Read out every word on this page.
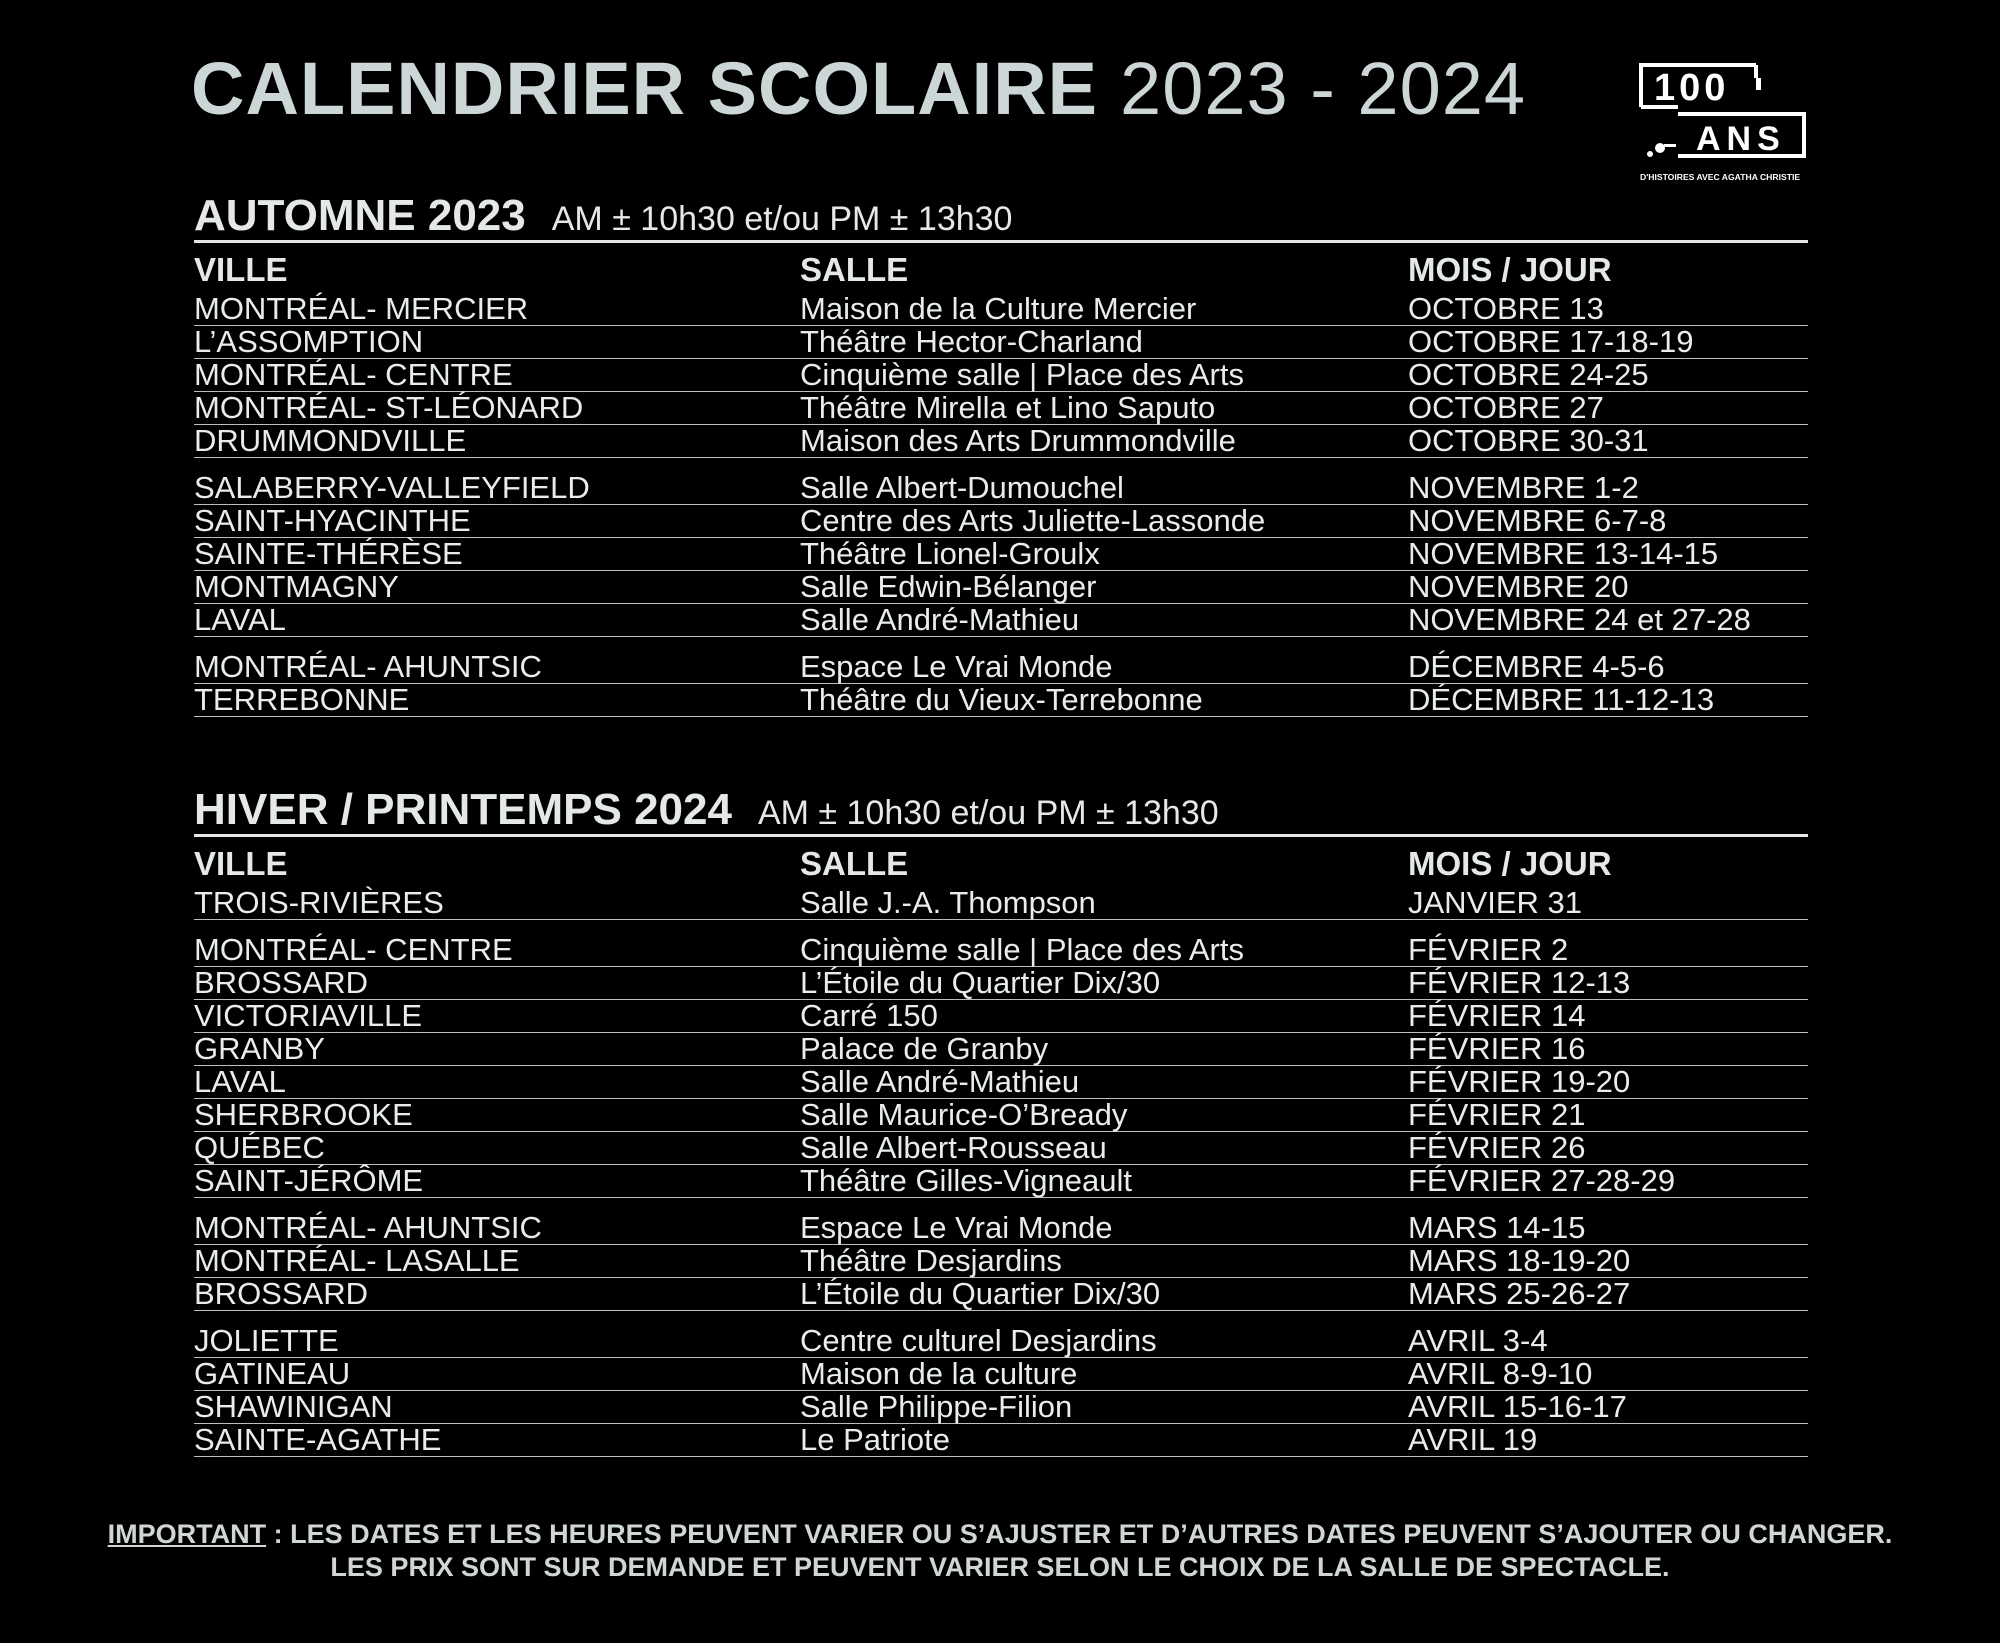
CALENDRIER SCOLAIRE 2023 - 2024	100
ANS
D'HISTOIRES AVEC AGATHA CHRISTIE
AUTOMNE 2023 AM ± 10h30 et/ou PM ± 13h30
VILLE	SALLE	MOIS / JOUR
MONTRÉAL- MERCIER	Maison de la Culture Mercier	OCTOBRE 13
L’ASSOMPTION	Théâtre Hector-Charland	OCTOBRE 17-18-19
MONTRÉAL- CENTRE	Cinquième salle | Place des Arts	OCTOBRE 24-25
MONTRÉAL- ST-LÉONARD	Théâtre Mirella et Lino Saputo	OCTOBRE 27
DRUMMONDVILLE	Maison des Arts Drummondville	OCTOBRE 30-31
SALABERRY-VALLEYFIELD	Salle Albert-Dumouchel	NOVEMBRE 1-2
SAINT-HYACINTHE	Centre des Arts Juliette-Lassonde	NOVEMBRE 6-7-8
SAINTE-THÉRÈSE	Théâtre Lionel-Groulx	NOVEMBRE 13-14-15
MONTMAGNY	Salle Edwin-Bélanger	NOVEMBRE 20
LAVAL	Salle André-Mathieu	NOVEMBRE 24 et 27-28
MONTRÉAL- AHUNTSIC	Espace Le Vrai Monde	DÉCEMBRE 4-5-6
TERREBONNE	Théâtre du Vieux-Terrebonne	DÉCEMBRE 11-12-13
HIVER / PRINTEMPS 2024 AM ± 10h30 et/ou PM ± 13h30
VILLE	SALLE	MOIS / JOUR
TROIS-RIVIÈRES	Salle J.-A. Thompson	JANVIER 31
MONTRÉAL- CENTRE	Cinquième salle | Place des Arts	FÉVRIER 2
BROSSARD	L’Étoile du Quartier Dix/30	FÉVRIER 12-13
VICTORIAVILLE	Carré 150	FÉVRIER 14
GRANBY	Palace de Granby	FÉVRIER 16
LAVAL	Salle André-Mathieu	FÉVRIER 19-20
SHERBROOKE	Salle Maurice-O’Bready	FÉVRIER 21
QUÉBEC	Salle Albert-Rousseau	FÉVRIER 26
SAINT-JÉRÔME	Théâtre Gilles-Vigneault	FÉVRIER 27-28-29
MONTRÉAL- AHUNTSIC	Espace Le Vrai Monde	MARS 14-15
MONTRÉAL- LASALLE	Théâtre Desjardins	MARS 18-19-20
BROSSARD	L’Étoile du Quartier Dix/30	MARS 25-26-27
JOLIETTE	Centre culturel Desjardins	AVRIL 3-4
GATINEAU	Maison de la culture	AVRIL 8-9-10
SHAWINIGAN	Salle Philippe-Filion	AVRIL 15-16-17
SAINTE-AGATHE	Le Patriote	AVRIL 19
IMPORTANT : LES DATES ET LES HEURES PEUVENT VARIER OU S’AJUSTER ET D’AUTRES DATES PEUVENT S’AJOUTER OU CHANGER.
LES PRIX SONT SUR DEMANDE ET PEUVENT VARIER SELON LE CHOIX DE LA SALLE DE SPECTACLE.
